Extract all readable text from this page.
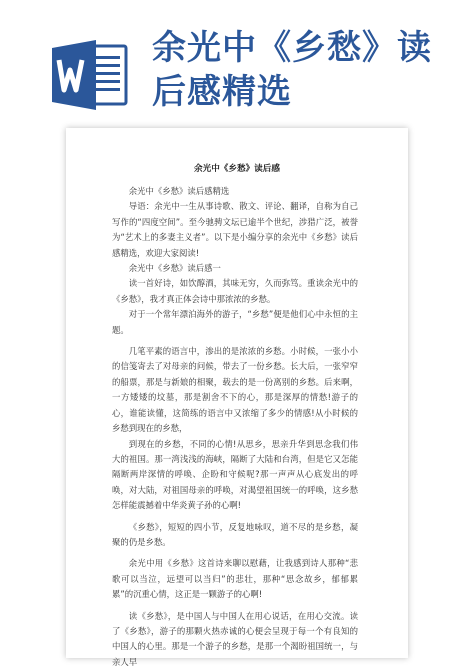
余光中《乡愁》读后感精选
余光中《乡愁》读后感

余光中《乡愁》读后感精选

导语：余光中一生从事诗歌、散文、评论、翻译，自称为自己写作的“四度空间”。至今驰骋文坛已逾半个世纪，涉猎广泛，被誉为“艺术上的多妻主义者”。以下是小编分享的余光中《乡愁》读后感精选，欢迎大家阅读!

余光中《乡愁》读后感一

读一首好诗，如饮醇酒，其味无穷，久而弥笃。重读余光中的《乡愁》，我才真正体会诗中那浓浓的乡愁。

对于一个常年漂泊海外的游子，“乡愁”便是他们心中永恒的主题。

几笔平素的语言中，渗出的是浓浓的乡愁。小时候，一张小小的信笺寄去了对母亲的问候，带去了一份乡愁。长大后，一张窄窄的船票，那是与新娘的相聚，载去的是一份离别的乡愁。后来啊，一方矮矮的坟墓，那是割舍不下的心，那是深厚的情愁!游子的心，谁能读懂，这简练的语言中又浓缩了多少的情感!从小时候的乡愁到现在的乡愁，

到现在的乡愁，不同的心情!从思乡，思亲升华到思念我们伟大的祖国。那一湾浅浅的海峡，隔断了大陆和台湾，但是它又怎能隔断两岸深情的呼唤、企盼和守候呢?那一声声从心底发出的呼唤，对大陆，对祖国母亲的呼唤，对渴望祖国统一的呼唤，这乡愁怎样能震撼着中华炎黄子孙的心啊!

《乡愁》，短短的四小节，反复地咏叹，道不尽的是乡愁，凝聚的仍是乡愁。

余光中用《乡愁》这首诗来聊以慰藉，让我感到诗人那种“悲歌可以当泣，远望可以当归”的悲壮，那种“思念故乡，郁郁累累”的沉重心情，这正是一颗游子的心啊!

读《乡愁》，是中国人与中国人在用心说话，在用心交流。读了《乡愁》，游子的那颗火热赤诚的心便会呈现于每一个有良知的中国人的心里。那是一个游子的乡愁，是那一个渴盼祖国统一，与亲人早
